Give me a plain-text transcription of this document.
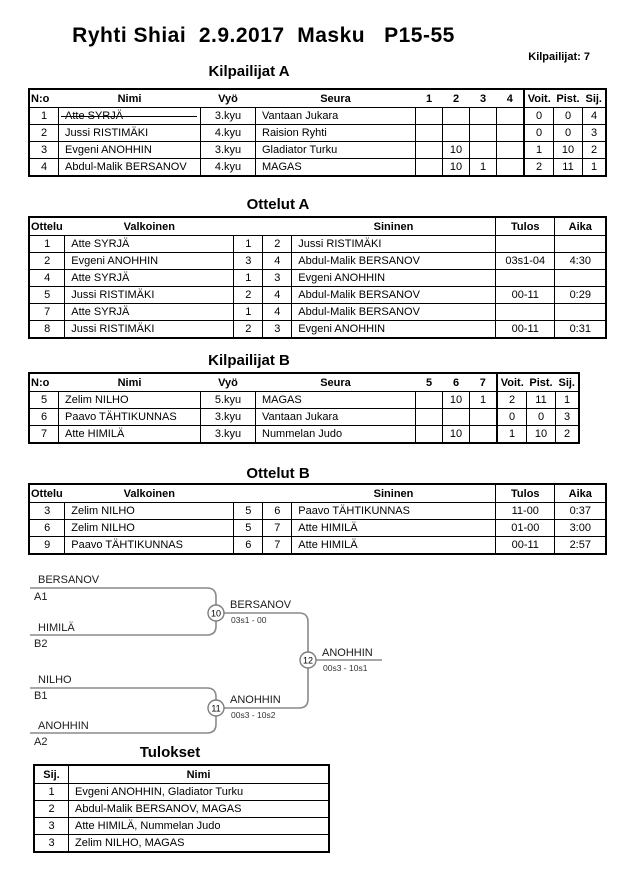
Ryhti Shiai  2.9.2017  Masku   P15-55
Kilpailijat: 7
Kilpailijat A
N:o	Nimi	Vyö	Seura	1	2	3	4	Voit.	Pist.	Sij.
1	Atte SYRJÄ	3.kyu	Vantaan Jukara					0	0	4
2	Jussi RISTIMÄKI	4.kyu	Raision Ryhti					0	0	3
3	Evgeni ANOHHIN	3.kyu	Gladiator Turku		10			1	10	2
4	Abdul-Malik BERSANOV	4.kyu	MAGAS		10	1		2	11	1
Ottelut A
Ottelu	Valkoinen			Sininen	Tulos	Aika
1	Atte SYRJÄ	1	2	Jussi RISTIMÄKI		
2	Evgeni ANOHHIN	3	4	Abdul-Malik BERSANOV	03s1-04	4:30
4	Atte SYRJÄ	1	3	Evgeni ANOHHIN		
5	Jussi RISTIMÄKI	2	4	Abdul-Malik BERSANOV	00-11	0:29
7	Atte SYRJÄ	1	4	Abdul-Malik BERSANOV		
8	Jussi RISTIMÄKI	2	3	Evgeni ANOHHIN	00-11	0:31
Kilpailijat B
N:o	Nimi	Vyö	Seura	5	6	7	Voit.	Pist.	Sij.
5	Zelim NILHO	5.kyu	MAGAS		10	1	2	11	1
6	Paavo TÄHTIKUNNAS	3.kyu	Vantaan Jukara				0	0	3
7	Atte HIMILÄ	3.kyu	Nummelan Judo		10		1	10	2
Ottelut B
Ottelu	Valkoinen			Sininen	Tulos	Aika
3	Zelim NILHO	5	6	Paavo TÄHTIKUNNAS	11-00	0:37
6	Zelim NILHO	5	7	Atte HIMILÄ	01-00	3:00
9	Paavo TÄHTIKUNNAS	6	7	Atte HIMILÄ	00-11	2:57
10
11
12
BERSANOV
A1
HIMILÄ
B2
NILHO
B1
ANOHHIN
A2
BERSANOV
03s1 - 00
ANOHHIN
00s3 - 10s2
ANOHHIN
00s3 - 10s1
Tulokset
Sij.	Nimi
1	Evgeni ANOHHIN, Gladiator Turku
2	Abdul-Malik BERSANOV, MAGAS
3	Atte HIMILÄ, Nummelan Judo
3	Zelim NILHO, MAGAS
